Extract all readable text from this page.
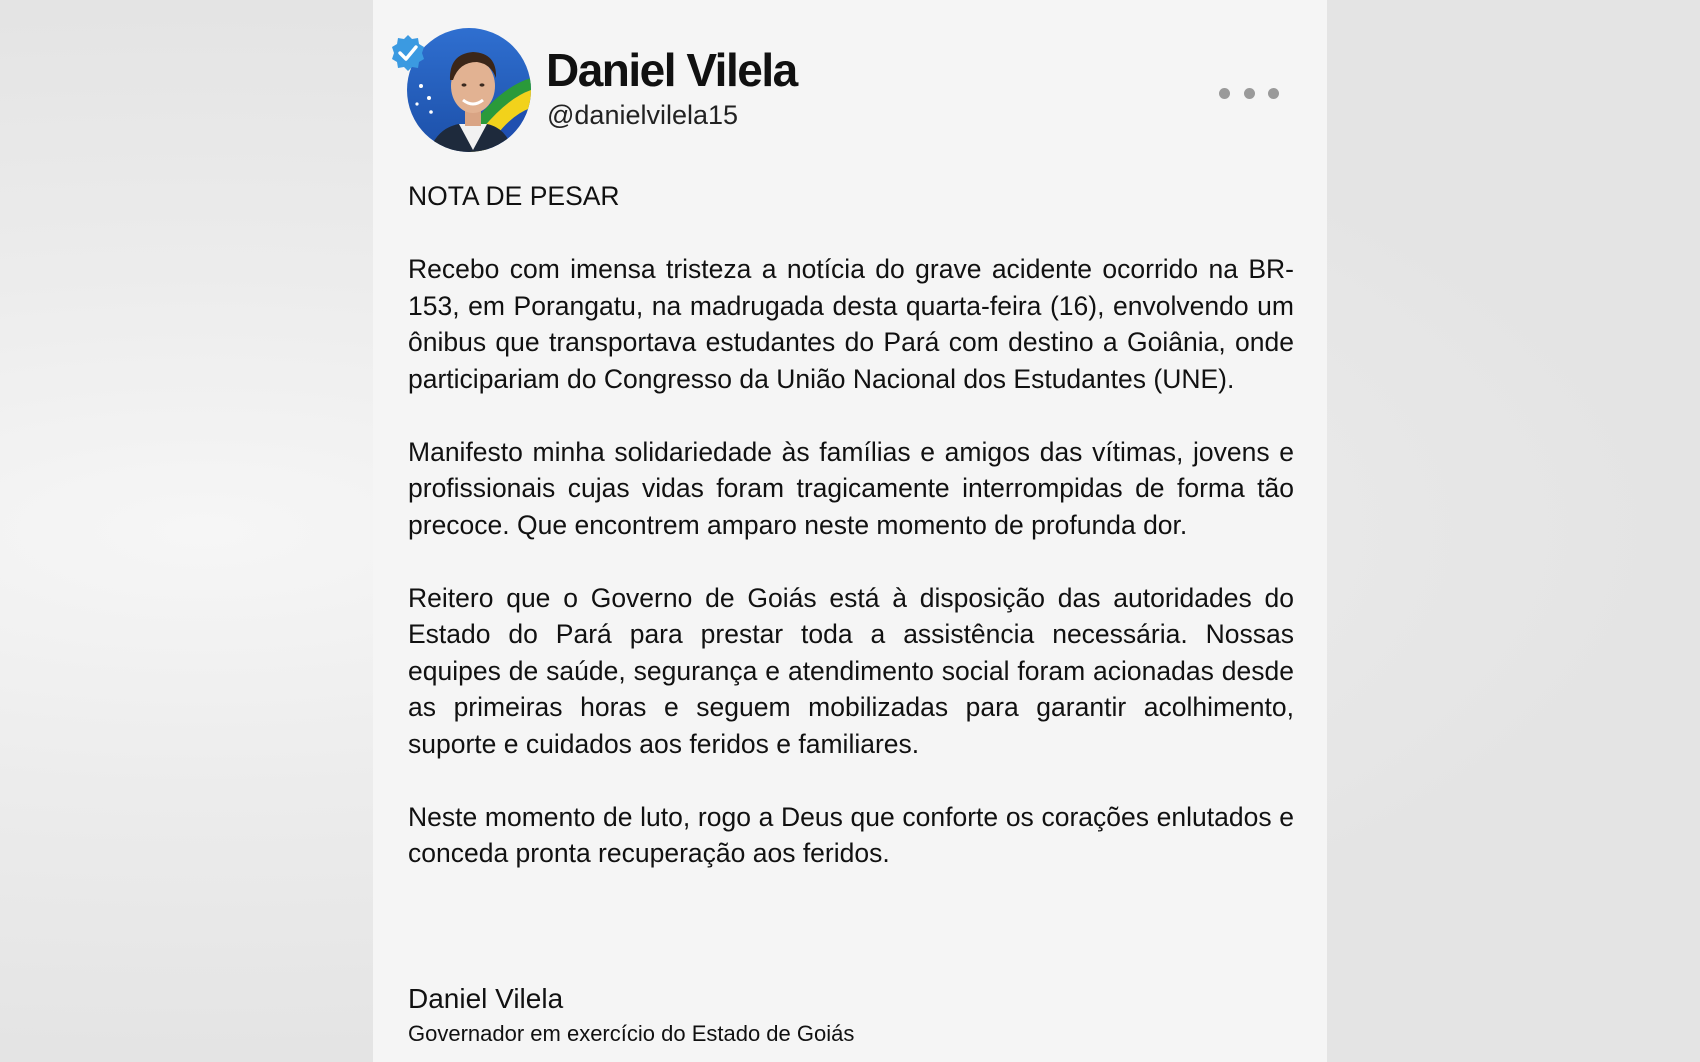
Daniel Vilela
@danielvilela15

NOTA DE PESAR

Recebo com imensa tristeza a notícia do grave acidente ocorrido na BR-153, em Porangatu, na madrugada desta quarta-feira (16), envolvendo um ônibus que transportava estudantes do Pará com destino a Goiânia, onde participariam do Congresso da União Nacional dos Estudantes (UNE).

Manifesto minha solidariedade às famílias e amigos das vítimas, jovens e profissionais cujas vidas foram tragicamente interrompidas de forma tão precoce. Que encontrem amparo neste momento de profunda dor.

Reitero que o Governo de Goiás está à disposição das autoridades do Estado do Pará para prestar toda a assistência necessária. Nossas equipes de saúde, segurança e atendimento social foram acionadas desde as primeiras horas e seguem mobilizadas para garantir acolhimento, suporte e cuidados aos feridos e familiares.

Neste momento de luto, rogo a Deus que conforte os corações enlutados e conceda pronta recuperação aos feridos.

Daniel Vilela
Governador em exercício do Estado de Goiás
